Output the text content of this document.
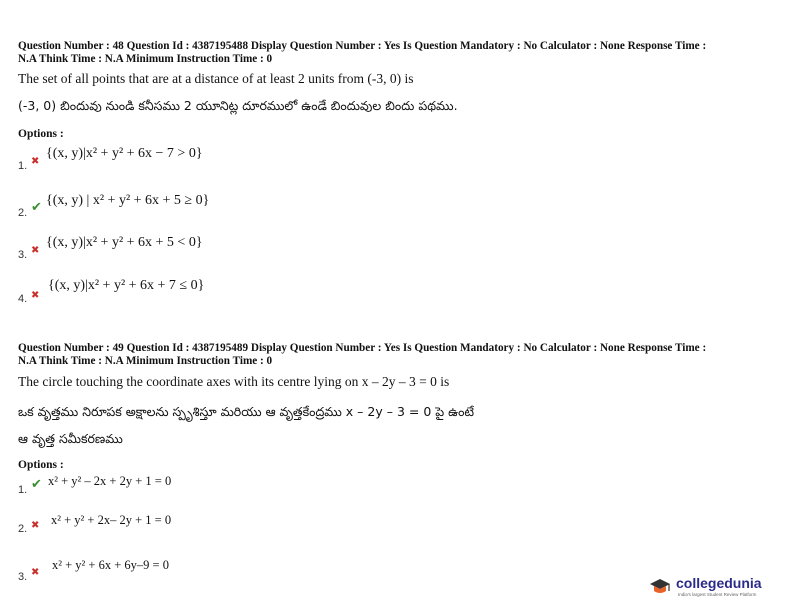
Question Number : 48 Question Id : 4387195488 Display Question Number : Yes Is Question Mandatory : No Calculator : None Response Time :
N.A Think Time : N.A Minimum Instruction Time : 0
The set of all points that are at a distance of at least 2 units from (-3, 0) is
(-3, 0) బిందువు నుండి కనీసము 2 యూనిట్ల దూరములో ఉండే బిందువుల బిందు పథము.
Options :
1. ✖
{(x, y)|x² + y² + 6x − 7 > 0}
2. ✔ {(x, y) | x² + y² + 6x + 5 ≥ 0}
3. ✖
{(x, y)|x² + y² + 6x + 5 < 0}
4. ✖
{(x, y)|x² + y² + 6x + 7 ≤ 0}
Question Number : 49 Question Id : 4387195489 Display Question Number : Yes Is Question Mandatory : No Calculator : None Response Time :
N.A Think Time : N.A Minimum Instruction Time : 0
The circle touching the coordinate axes with its centre lying on x – 2y – 3 = 0 is
ఒక వృత్తము నిరూపక అక్షాలను స్పృశిస్తూ మరియు ఆ వృత్తకేంద్రము x – 2y – 3 = 0 పై ఉంటే
ఆ వృత్త సమీకరణము
Options :
1. ✔ x² + y² – 2x + 2y + 1 = 0
2. ✖ x² + y² + 2x– 2y + 1 = 0
3. ✖
x² + y² + 6x + 6y–9 = 0
collegedunia
India's largest Student Review Platform
